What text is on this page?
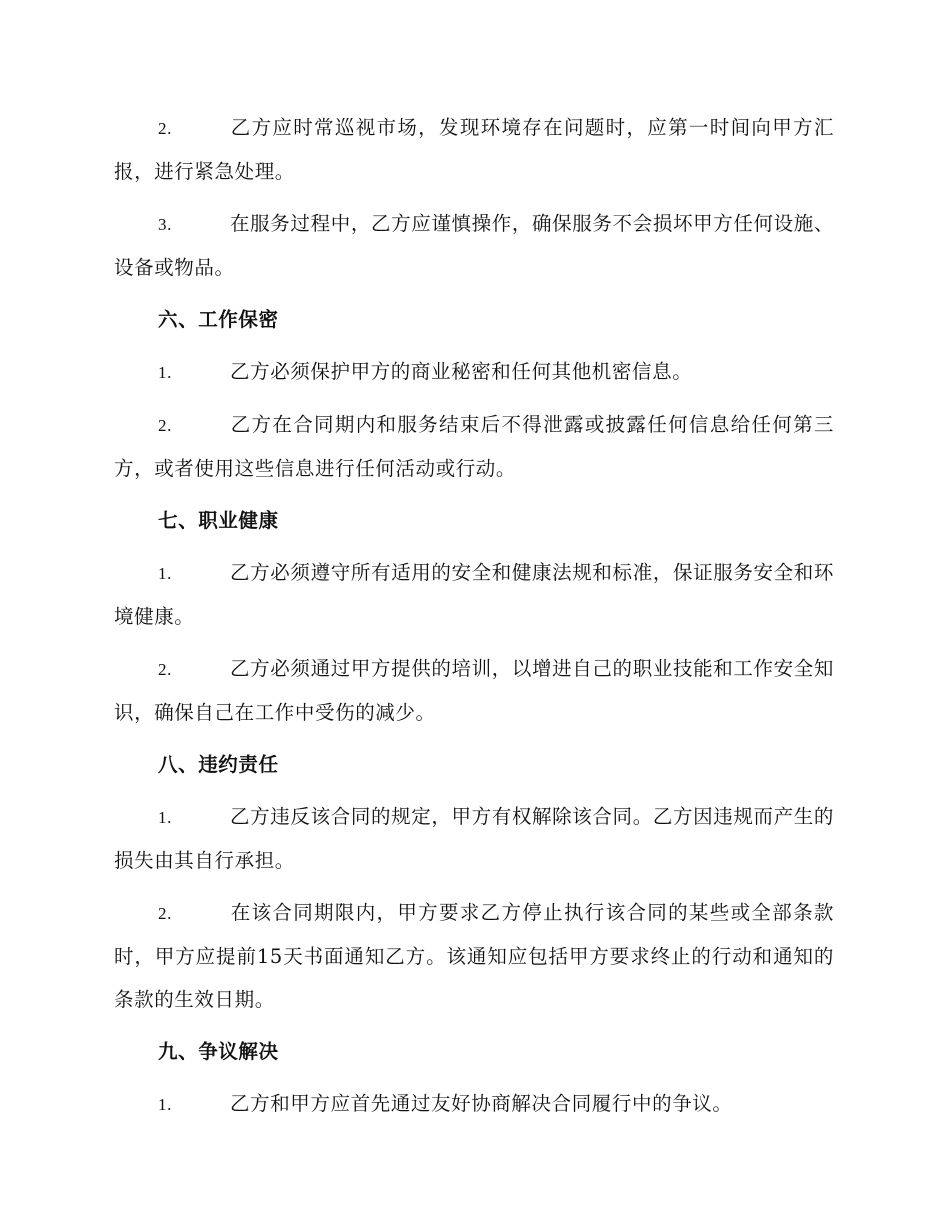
2.	乙方应时常巡视市场，发现环境存在问题时，应第一时间向甲方汇报，进行紧急处理。

3.	在服务过程中，乙方应谨慎操作，确保服务不会损坏甲方任何设施、设备或物品。

六、工作保密

1.	乙方必须保护甲方的商业秘密和任何其他机密信息。

2.	乙方在合同期内和服务结束后不得泄露或披露任何信息给任何第三方，或者使用这些信息进行任何活动或行动。

七、职业健康

1.	乙方必须遵守所有适用的安全和健康法规和标准，保证服务安全和环境健康。

2.	乙方必须通过甲方提供的培训，以增进自己的职业技能和工作安全知识，确保自己在工作中受伤的减少。

八、违约责任

1.	乙方违反该合同的规定，甲方有权解除该合同。乙方因违规而产生的损失由其自行承担。

2.	在该合同期限内，甲方要求乙方停止执行该合同的某些或全部条款时，甲方应提前15天书面通知乙方。该通知应包括甲方要求终止的行动和通知的条款的生效日期。

九、争议解决

1.	乙方和甲方应首先通过友好协商解决合同履行中的争议。
